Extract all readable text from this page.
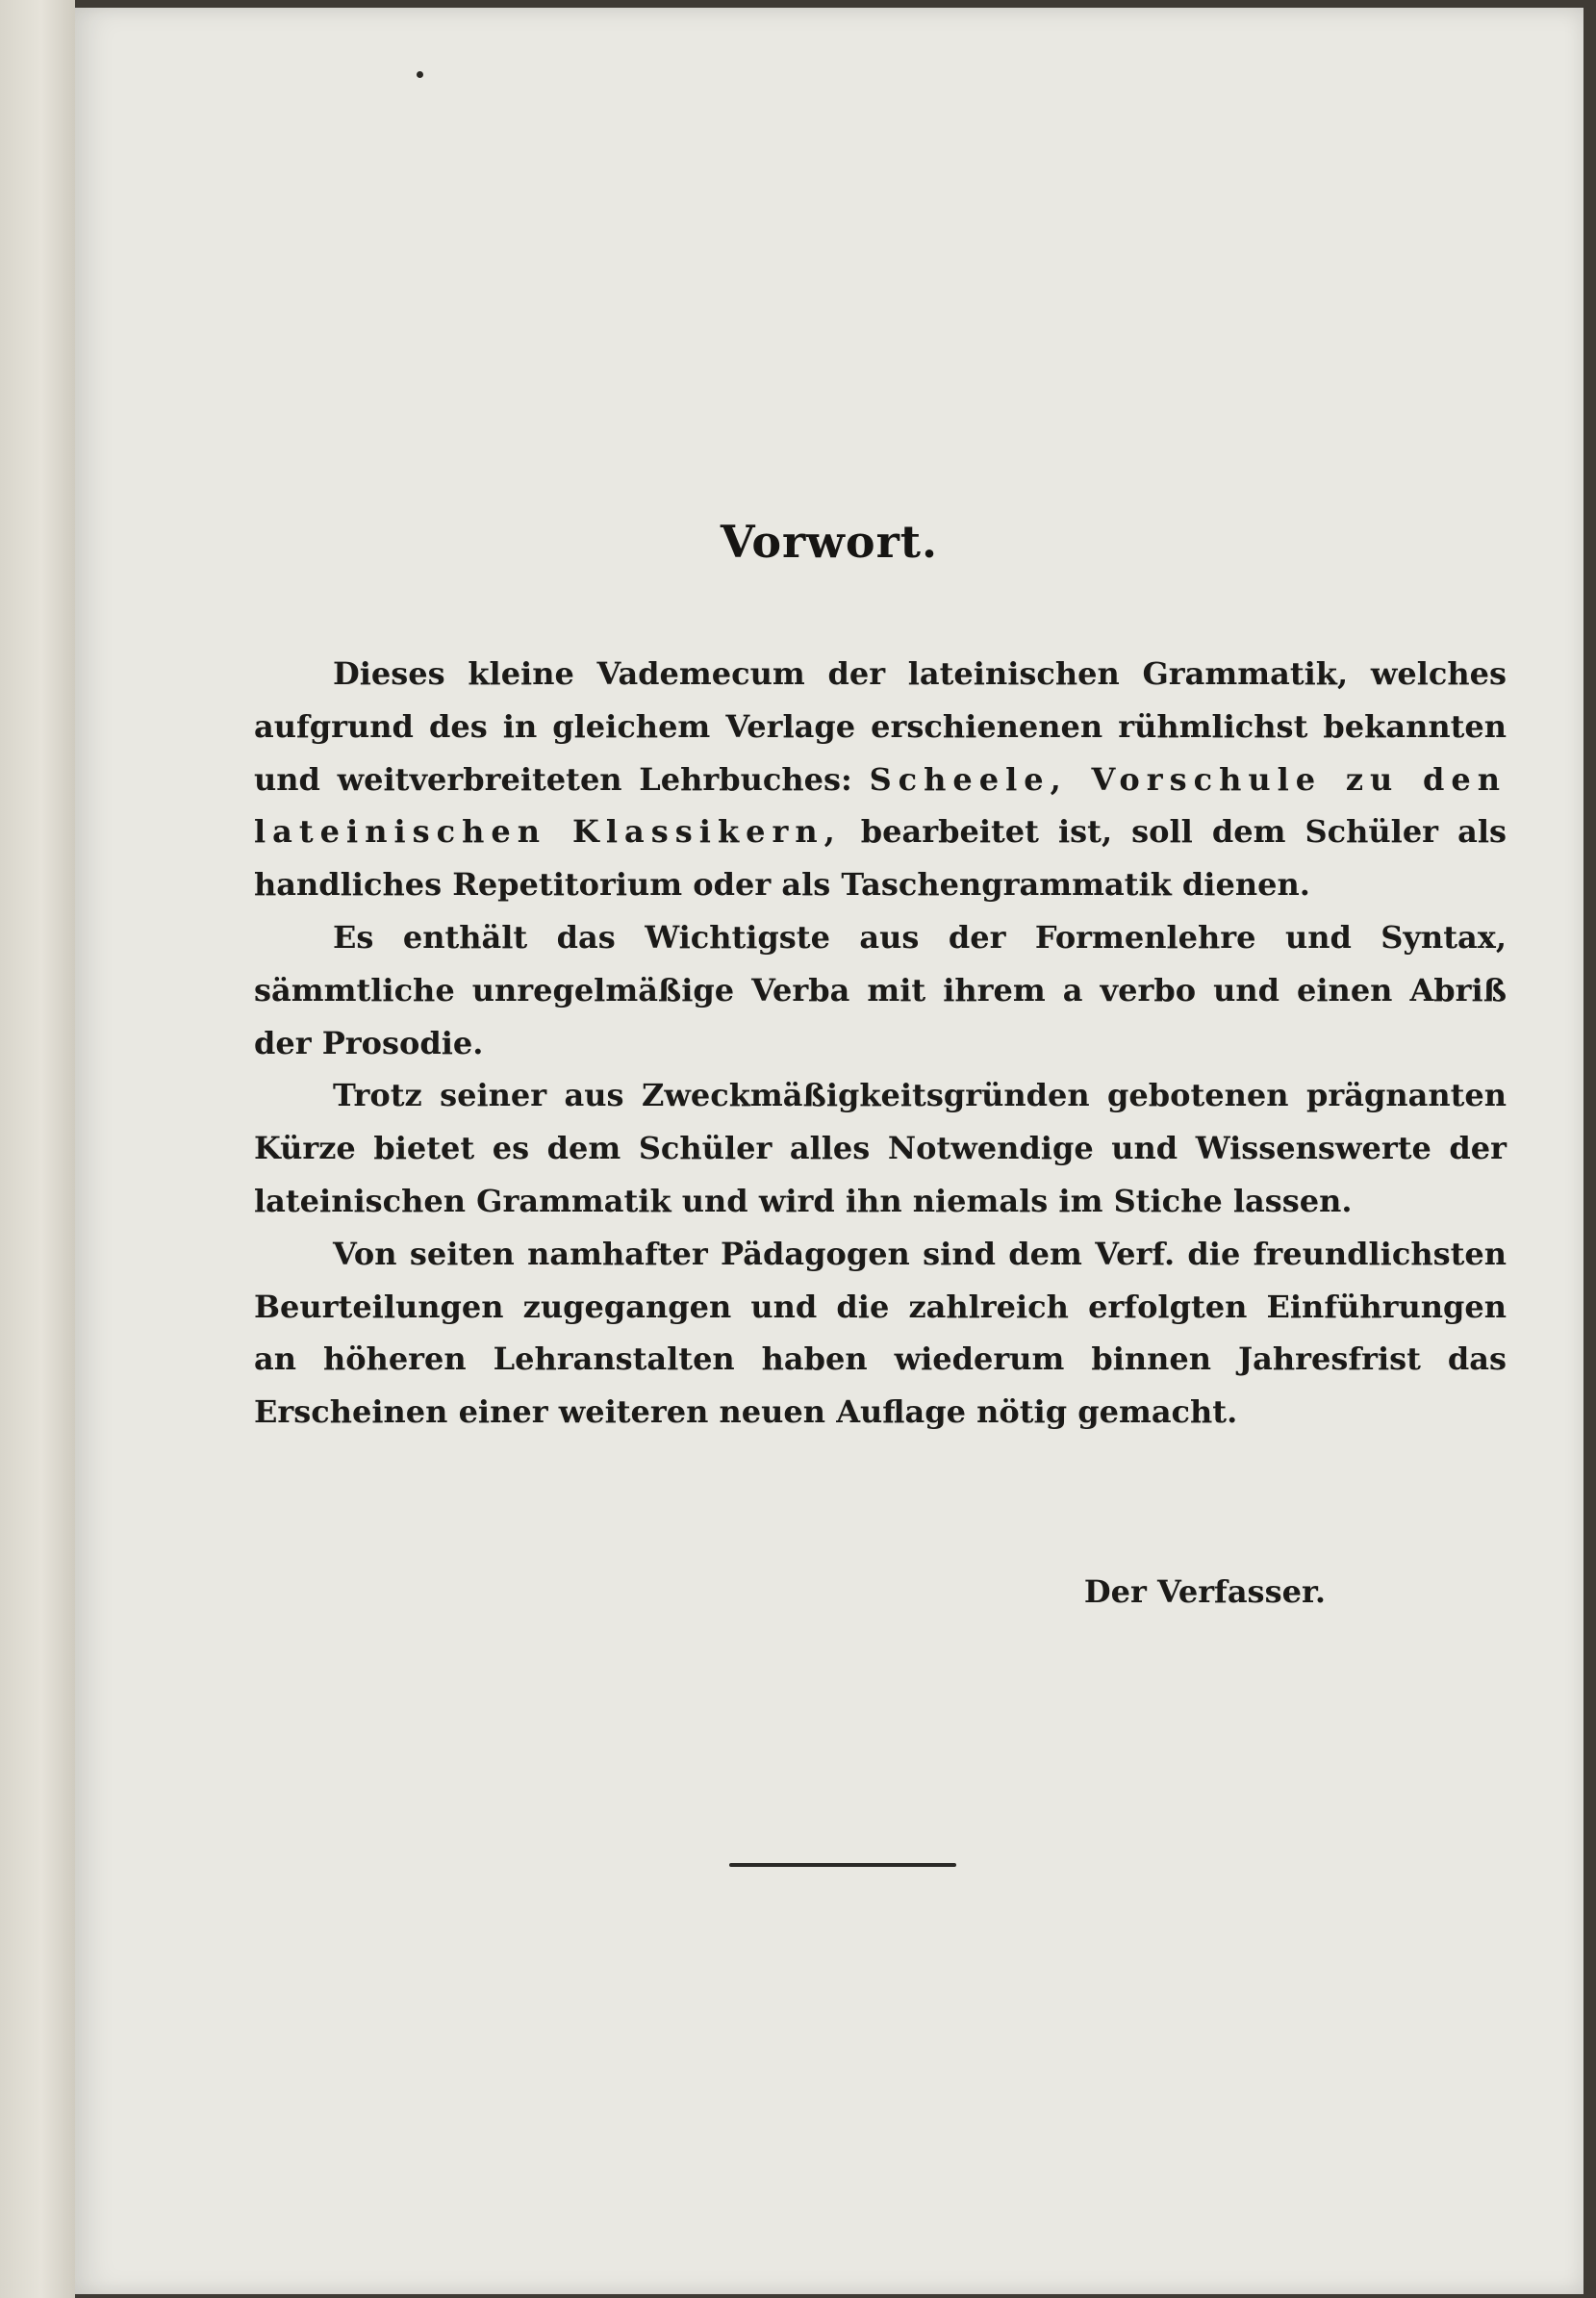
Vorwort.

Dieses kleine Vademecum der lateinischen Grammatik, welches aufgrund des in gleichem Verlage erschienenen rühmlichst bekannten und weitverbreiteten Lehrbuches: Scheele, Vorschule zu den lateinischen Klassikern, bearbeitet ist, soll dem Schüler als handliches Repetitorium oder als Taschengrammatik dienen.

Es enthält das Wichtigste aus der Formenlehre und Syntax, sämmtliche unregelmäßige Verba mit ihrem a verbo und einen Abriß der Prosodie.

Trotz seiner aus Zweckmäßigkeitsgründen gebotenen prägnanten Kürze bietet es dem Schüler alles Notwendige und Wissenswerte der lateinischen Grammatik und wird ihn niemals im Stiche lassen.

Von seiten namhafter Pädagogen sind dem Verf. die freundlichsten Beurteilungen zugegangen und die zahlreich erfolgten Einführungen an höheren Lehranstalten haben wiederum binnen Jahresfrist das Erscheinen einer weiteren neuen Auflage nötig gemacht.

Der Verfasser.
